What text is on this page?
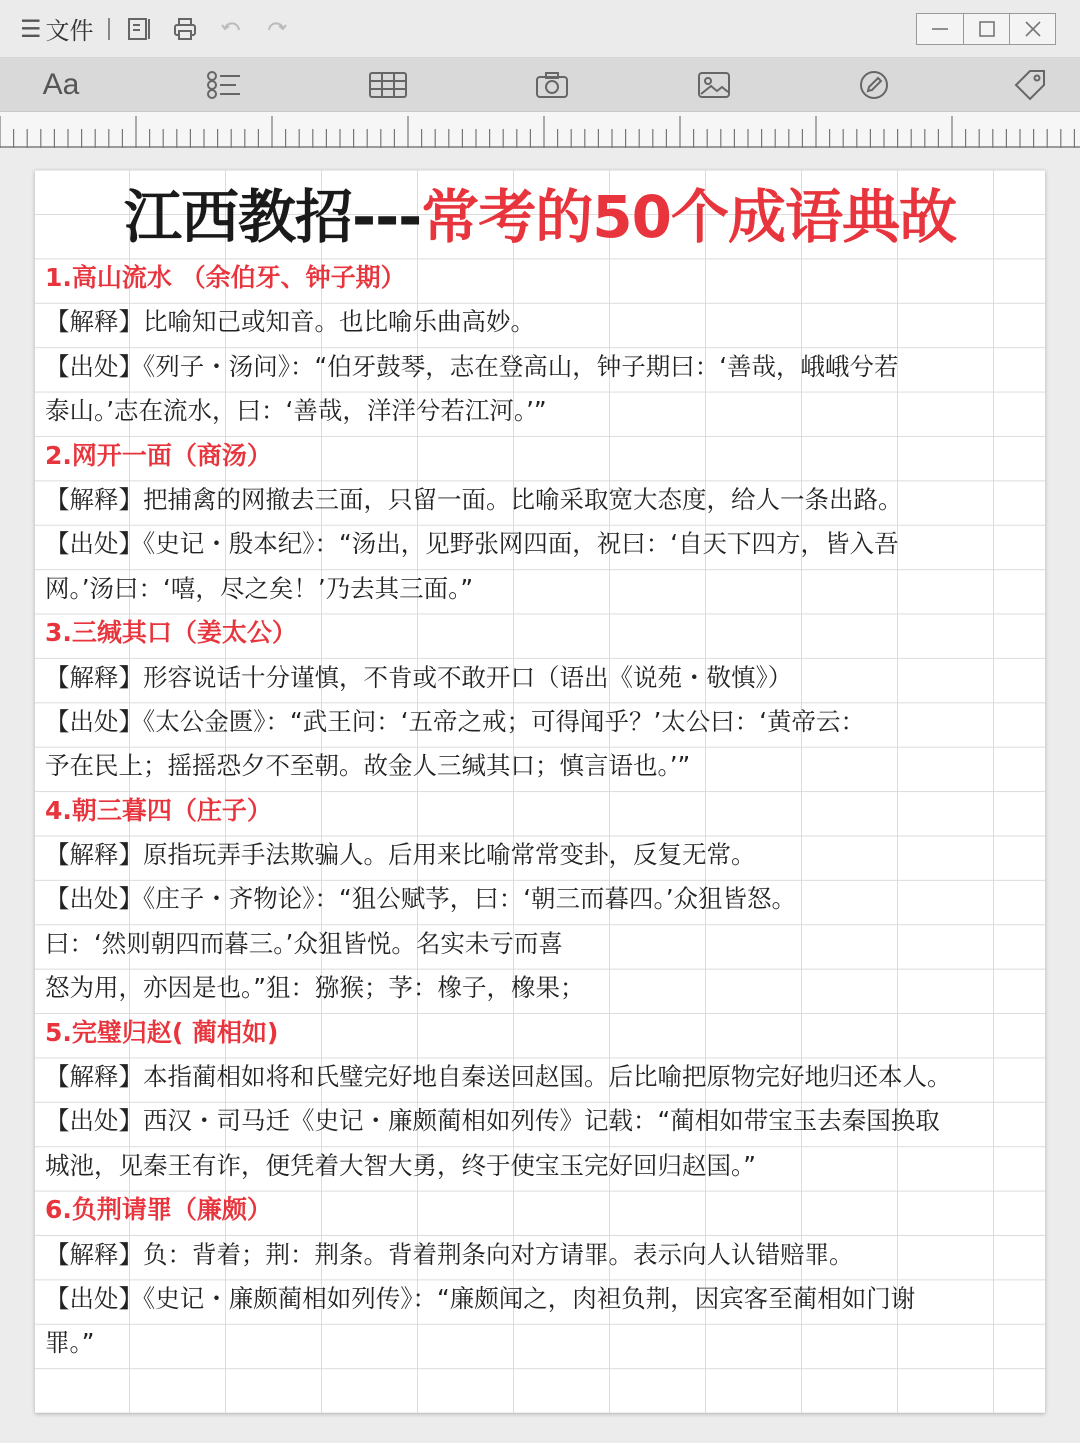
☰ 文件
Aa
江西教招---常考的50个成语典故
1.高山流水 （余伯牙、钟子期）
【解释】比喻知己或知音。也比喻乐曲高妙。
【出处】《列子・汤问》：“伯牙鼓琴，志在登高山，钟子期曰：‘善哉，峨峨兮若
泰山。’志在流水，曰：‘善哉，洋洋兮若江河。’”
2.网开一面（商汤）
【解释】把捕禽的网撤去三面，只留一面。比喻采取宽大态度，给人一条出路。
【出处】《史记・殷本纪》：“汤出，见野张网四面，祝曰：‘自天下四方，皆入吾
网。’汤曰：‘嘻，尽之矣！’乃去其三面。”
3.三缄其口（姜太公）
【解释】形容说话十分谨慎，不肯或不敢开口（语出《说苑・敬慎》）
【出处】《太公金匮》：“武王问：‘五帝之戒；可得闻乎？’太公曰：‘黄帝云：
予在民上；摇摇恐夕不至朝。故金人三缄其口；慎言语也。’”
4.朝三暮四（庄子）
【解释】原指玩弄手法欺骗人。后用来比喻常常变卦，反复无常。
【出处】《庄子・齐物论》：“狙公赋芧，曰：‘朝三而暮四。’众狙皆怒。
曰：‘然则朝四而暮三。’众狙皆悦。名实未亏而喜
怒为用，亦因是也。”狙：猕猴；芧：橡子，橡果；
5.完璧归赵( 蔺相如)
【解释】本指蔺相如将和氏璧完好地自秦送回赵国。后比喻把原物完好地归还本人。
【出处】西汉・司马迁《史记・廉颇蔺相如列传》记载：“蔺相如带宝玉去秦国换取
城池，见秦王有诈，便凭着大智大勇，终于使宝玉完好回归赵国。”
6.负荆请罪（廉颇）
【解释】负：背着；荆：荆条。背着荆条向对方请罪。表示向人认错赔罪。
【出处】《史记・廉颇蔺相如列传》：“廉颇闻之，肉袒负荆，因宾客至蔺相如门谢
罪。”
